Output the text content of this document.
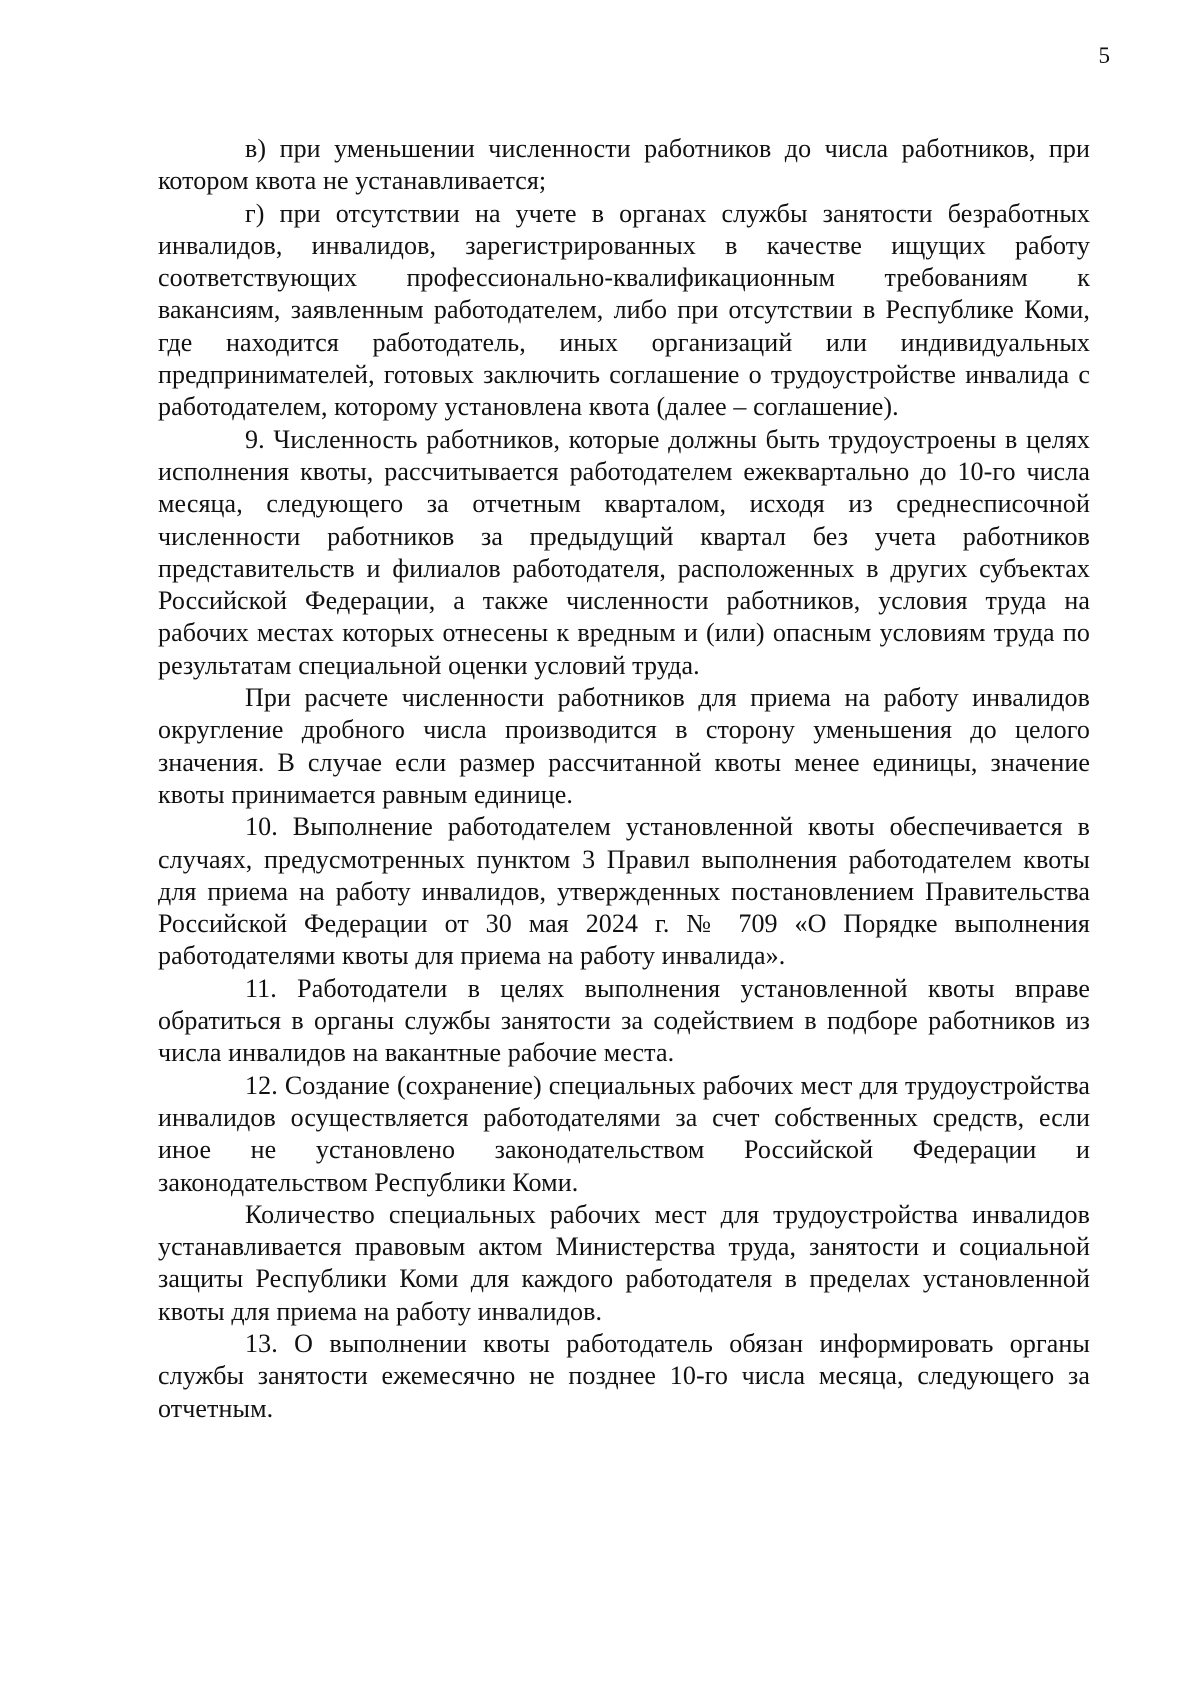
5

в) при уменьшении численности работников до числа работников, при котором квота не устанавливается;

г) при отсутствии на учете в органах службы занятости безработных инвалидов, инвалидов, зарегистрированных в качестве ищущих работу соответствующих профессионально-квалификационным требованиям к вакансиям, заявленным работодателем, либо при отсутствии в Республике Коми, где находится работодатель, иных организаций или индивидуальных предпринимателей, готовых заключить соглашение о трудоустройстве инвалида с работодателем, которому установлена квота (далее – соглашение).

9. Численность работников, которые должны быть трудоустроены в целях исполнения квоты, рассчитывается работодателем ежеквартально до 10-го числа месяца, следующего за отчетным кварталом, исходя из среднесписочной численности работников за предыдущий квартал без учета работников представительств и филиалов работодателя, расположенных в других субъектах Российской Федерации, а также численности работников, условия труда на рабочих местах которых отнесены к вредным и (или) опасным условиям труда по результатам специальной оценки условий труда.

При расчете численности работников для приема на работу инвалидов округление дробного числа производится в сторону уменьшения до целого значения. В случае если размер рассчитанной квоты менее единицы, значение квоты принимается равным единице.

10. Выполнение работодателем установленной квоты обеспечивается в случаях, предусмотренных пунктом 3 Правил выполнения работодателем квоты для приема на работу инвалидов, утвержденных постановлением Правительства Российской Федерации от 30 мая 2024 г. № 709 «О Порядке выполнения работодателями квоты для приема на работу инвалида».

11. Работодатели в целях выполнения установленной квоты вправе обратиться в органы службы занятости за содействием в подборе работников из числа инвалидов на вакантные рабочие места.

12. Создание (сохранение) специальных рабочих мест для трудоустройства инвалидов осуществляется работодателями за счет собственных средств, если иное не установлено законодательством Российской Федерации и законодательством Республики Коми.

Количество специальных рабочих мест для трудоустройства инвалидов устанавливается правовым актом Министерства труда, занятости и социальной защиты Республики Коми для каждого работодателя в пределах установленной квоты для приема на работу инвалидов.

13. О выполнении квоты работодатель обязан информировать органы службы занятости ежемесячно не позднее 10-го числа месяца, следующего за отчетным.
